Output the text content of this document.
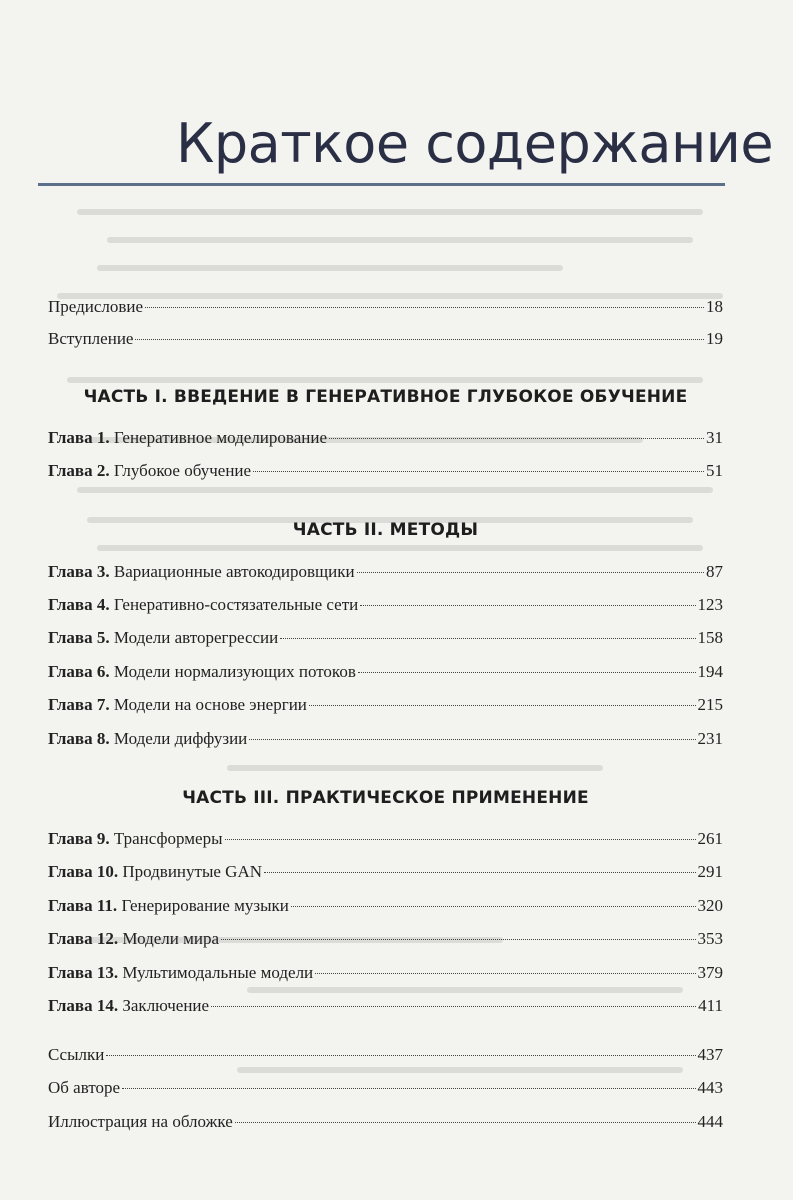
Краткое содержание
Предисловие	18
Вступление	19
ЧАСТЬ I. ВВЕДЕНИЕ В ГЕНЕРАТИВНОЕ ГЛУБОКОЕ ОБУЧЕНИЕ
Глава 1. Генеративное моделирование	31
Глава 2. Глубокое обучение	51
ЧАСТЬ II. МЕТОДЫ
Глава 3. Вариационные автокодировщики	87
Глава 4. Генеративно-состязательные сети	123
Глава 5. Модели авторегрессии	158
Глава 6. Модели нормализующих потоков	194
Глава 7. Модели на основе энергии	215
Глава 8. Модели диффузии	231
ЧАСТЬ III. ПРАКТИЧЕСКОЕ ПРИМЕНЕНИЕ
Глава 9. Трансформеры	261
Глава 10. Продвинутые GAN	291
Глава 11. Генерирование музыки	320
Глава 12. Модели мира	353
Глава 13. Мультимодальные модели	379
Глава 14. Заключение	411
Ссылки	437
Об авторе	443
Иллюстрация на обложке	444
